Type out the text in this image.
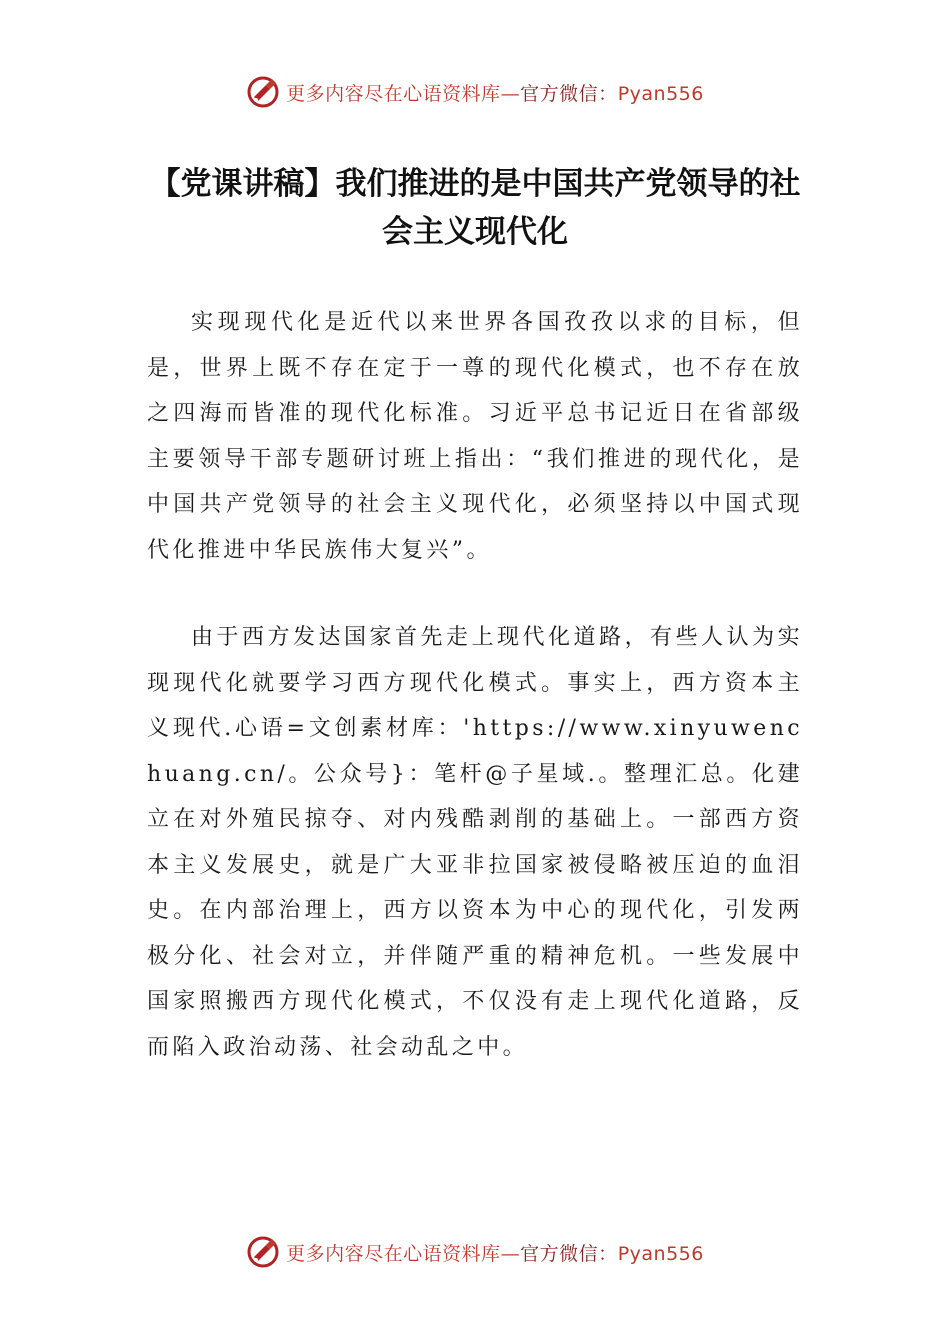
更多内容尽在心语资料库—官方微信：Pyan556
【党课讲稿】我们推进的是中国共产党领导的社会主义现代化

实现现代化是近代以来世界各国孜孜以求的目标，但是，世界上既不存在定于一尊的现代化模式，也不存在放之四海而皆准的现代化标准。习近平总书记近日在省部级主要领导干部专题研讨班上指出：“我们推进的现代化，是中国共产党领导的社会主义现代化，必须坚持以中国式现代化推进中华民族伟大复兴”。

由于西方发达国家首先走上现代化道路，有些人认为实现现代化就要学习西方现代化模式。事实上，西方资本主义现代.心语=文创素材库：'https://www.xinyuwenchuang.cn/。公众号}：笔杆@子星域.。整理汇总。化建立在对外殖民掠夺、对内残酷剥削的基础上。一部西方资本主义发展史，就是广大亚非拉国家被侵略被压迫的血泪史。在内部治理上，西方以资本为中心的现代化，引发两极分化、社会对立，并伴随严重的精神危机。一些发展中国家照搬西方现代化模式，不仅没有走上现代化道路，反而陷入政治动荡、社会动乱之中。

更多内容尽在心语资料库—官方微信：Pyan556
